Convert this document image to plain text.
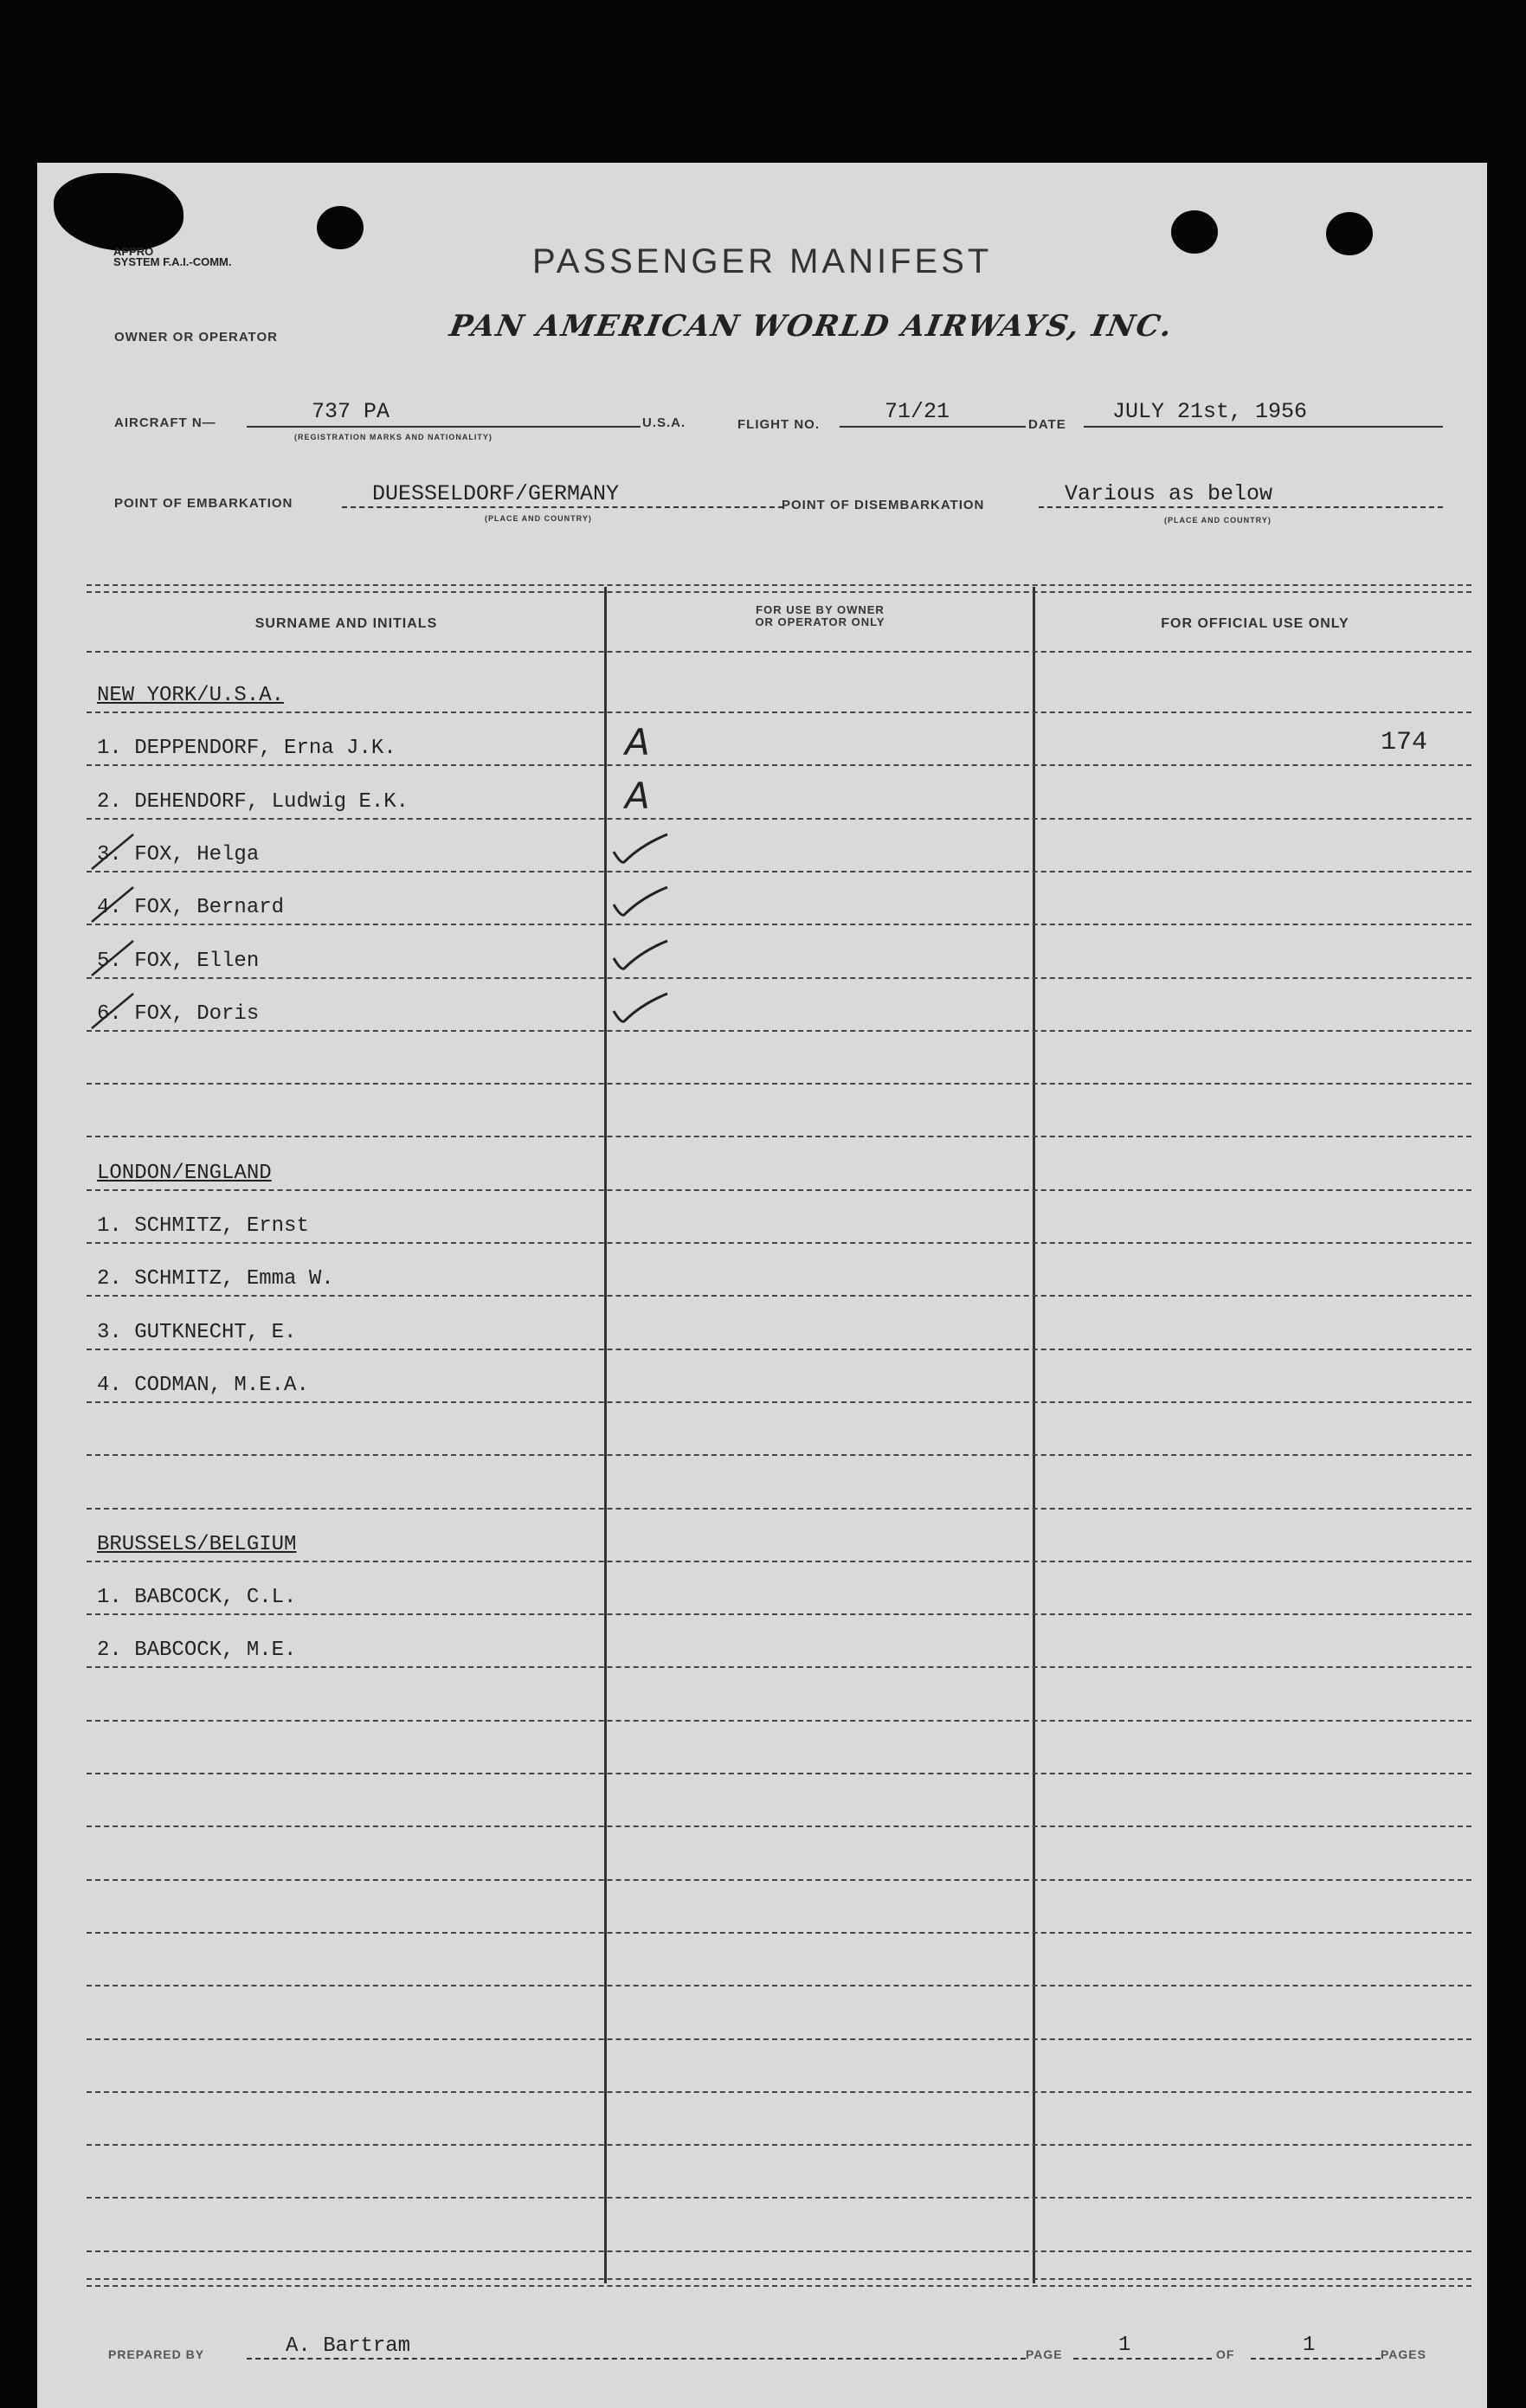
APPRO
SYSTEM F.A.I.-COMM.	PASSENGER MANIFEST
OWNER OR OPERATOR	PAN AMERICAN WORLD AIRWAYS, INC.
AIRCRAFT N—	737 PA
(REGISTRATION MARKS AND NATIONALITY)
U.S.A.	FLIGHT NO.
71/21
DATE
JULY 21st, 1956
POINT OF EMBARKATION	DUESSELDORF/GERMANY
(PLACE AND COUNTRY)
POINT OF DISEMBARKATION	Various as below
(PLACE AND COUNTRY)
SURNAME AND INITIALS
FOR USE BY OWNER
OR OPERATOR ONLY	FOR OFFICIAL USE ONLY
NEW YORK/U.S.A.
1. DEPPENDORF, Erna J.K.	A	174
2. DEHENDORF, Ludwig E.K.	A
3. FOX, Helga
4. FOX, Bernard
5. FOX, Ellen
6. FOX, Doris
LONDON/ENGLAND
1. SCHMITZ, Ernst
2. SCHMITZ, Emma W.
3. GUTKNECHT, E.
4. CODMAN, M.E.A.
BRUSSELS/BELGIUM
1. BABCOCK, C.L.
2. BABCOCK, M.E.
PREPARED BY	A. Bartram	PAGE	1	OF	1	PAGES
